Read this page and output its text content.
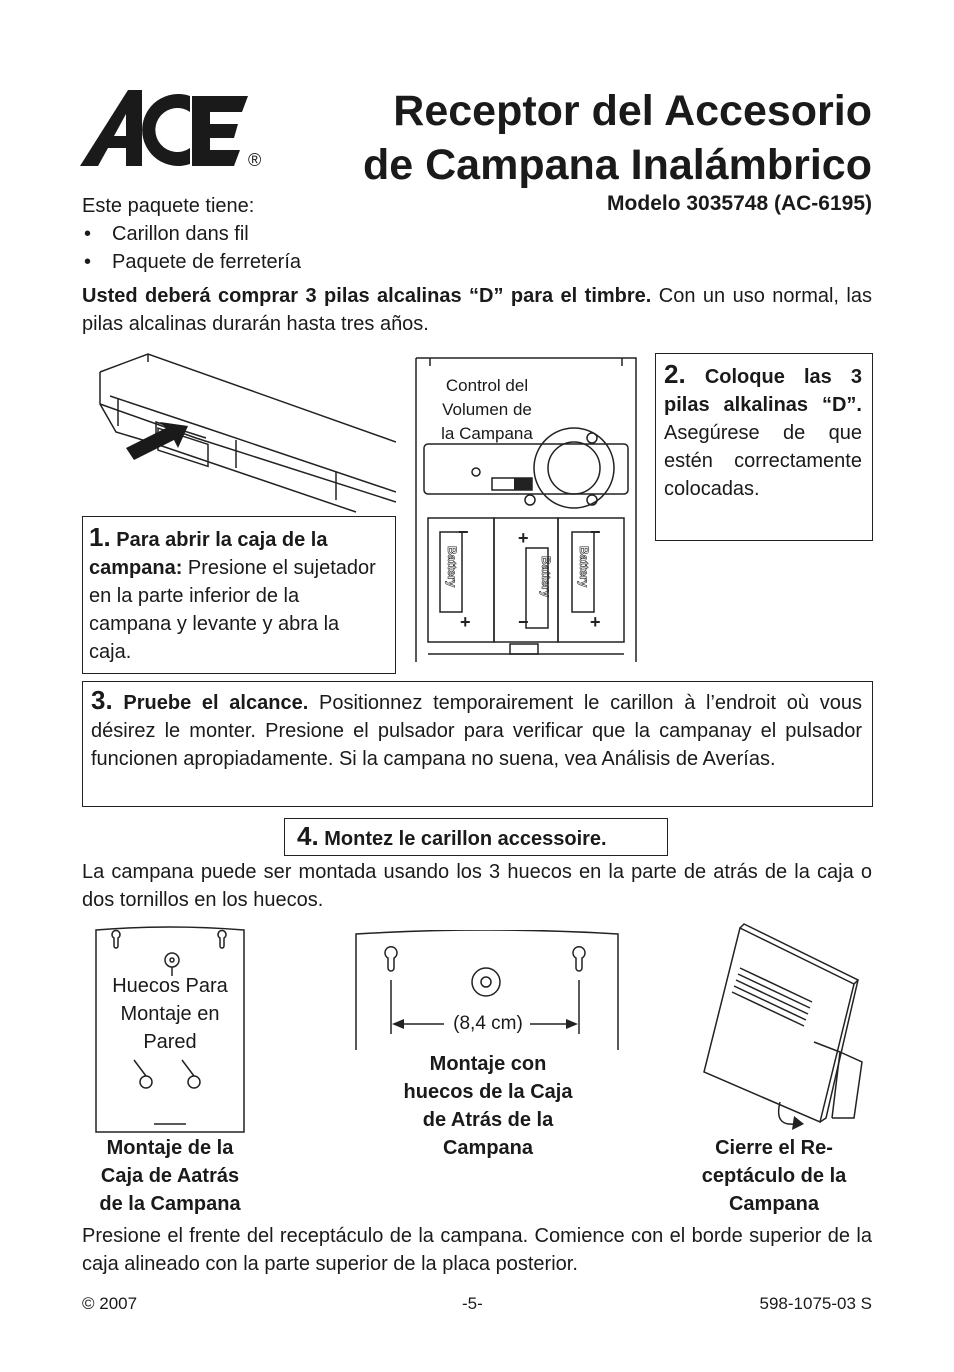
ACE
®
Receptor del Accesorio
de Campana Inalámbrico
Modelo 3035748 (AC-6195)
Este paquete tiene:
• Carillon dans fil
• Paquete de ferretería
Usted deberá comprar 3 pilas alcalinas “D” para el timbre. Con un uso normal, las pilas alcalinas durarán hasta tres años.
1. Para abrir la caja de la campana: Presione el sujetador en la parte inferior de la campana y levante y abra la caja.
−	+	−
+	−	+
Battery	Battery Battery
Control del
Volumen de
la Campana
2. Coloque las 3 pilas alkalinas “D”. Asegúrese de que estén correctamente colocadas.
3. Pruebe el alcance. Positionnez temporairement le carillon à l’endroit où vous désirez le monter. Presione el pulsador para verificar que la campanay el pulsador funcionen apropiadamente. Si la campana no suena, vea Análisis de Averías.
4. Montez le carillon accessoire.
La campana puede ser montada usando los 3 huecos en la parte de atrás de la caja o dos tornillos en los huecos.
Huecos Para
Montaje en
Pared
Montaje de la
Caja de Aatrás
de la Campana
(8,4 cm)
Montaje con
huecos de la Caja
de Atrás de la
Campana	Cierre el Re-
ceptáculo de la
Campana
Presione el frente del receptáculo de la campana. Comience con el borde superior de la caja alineado con la parte superior de la placa posterior.
© 2007	-5-	598-1075-03 S
